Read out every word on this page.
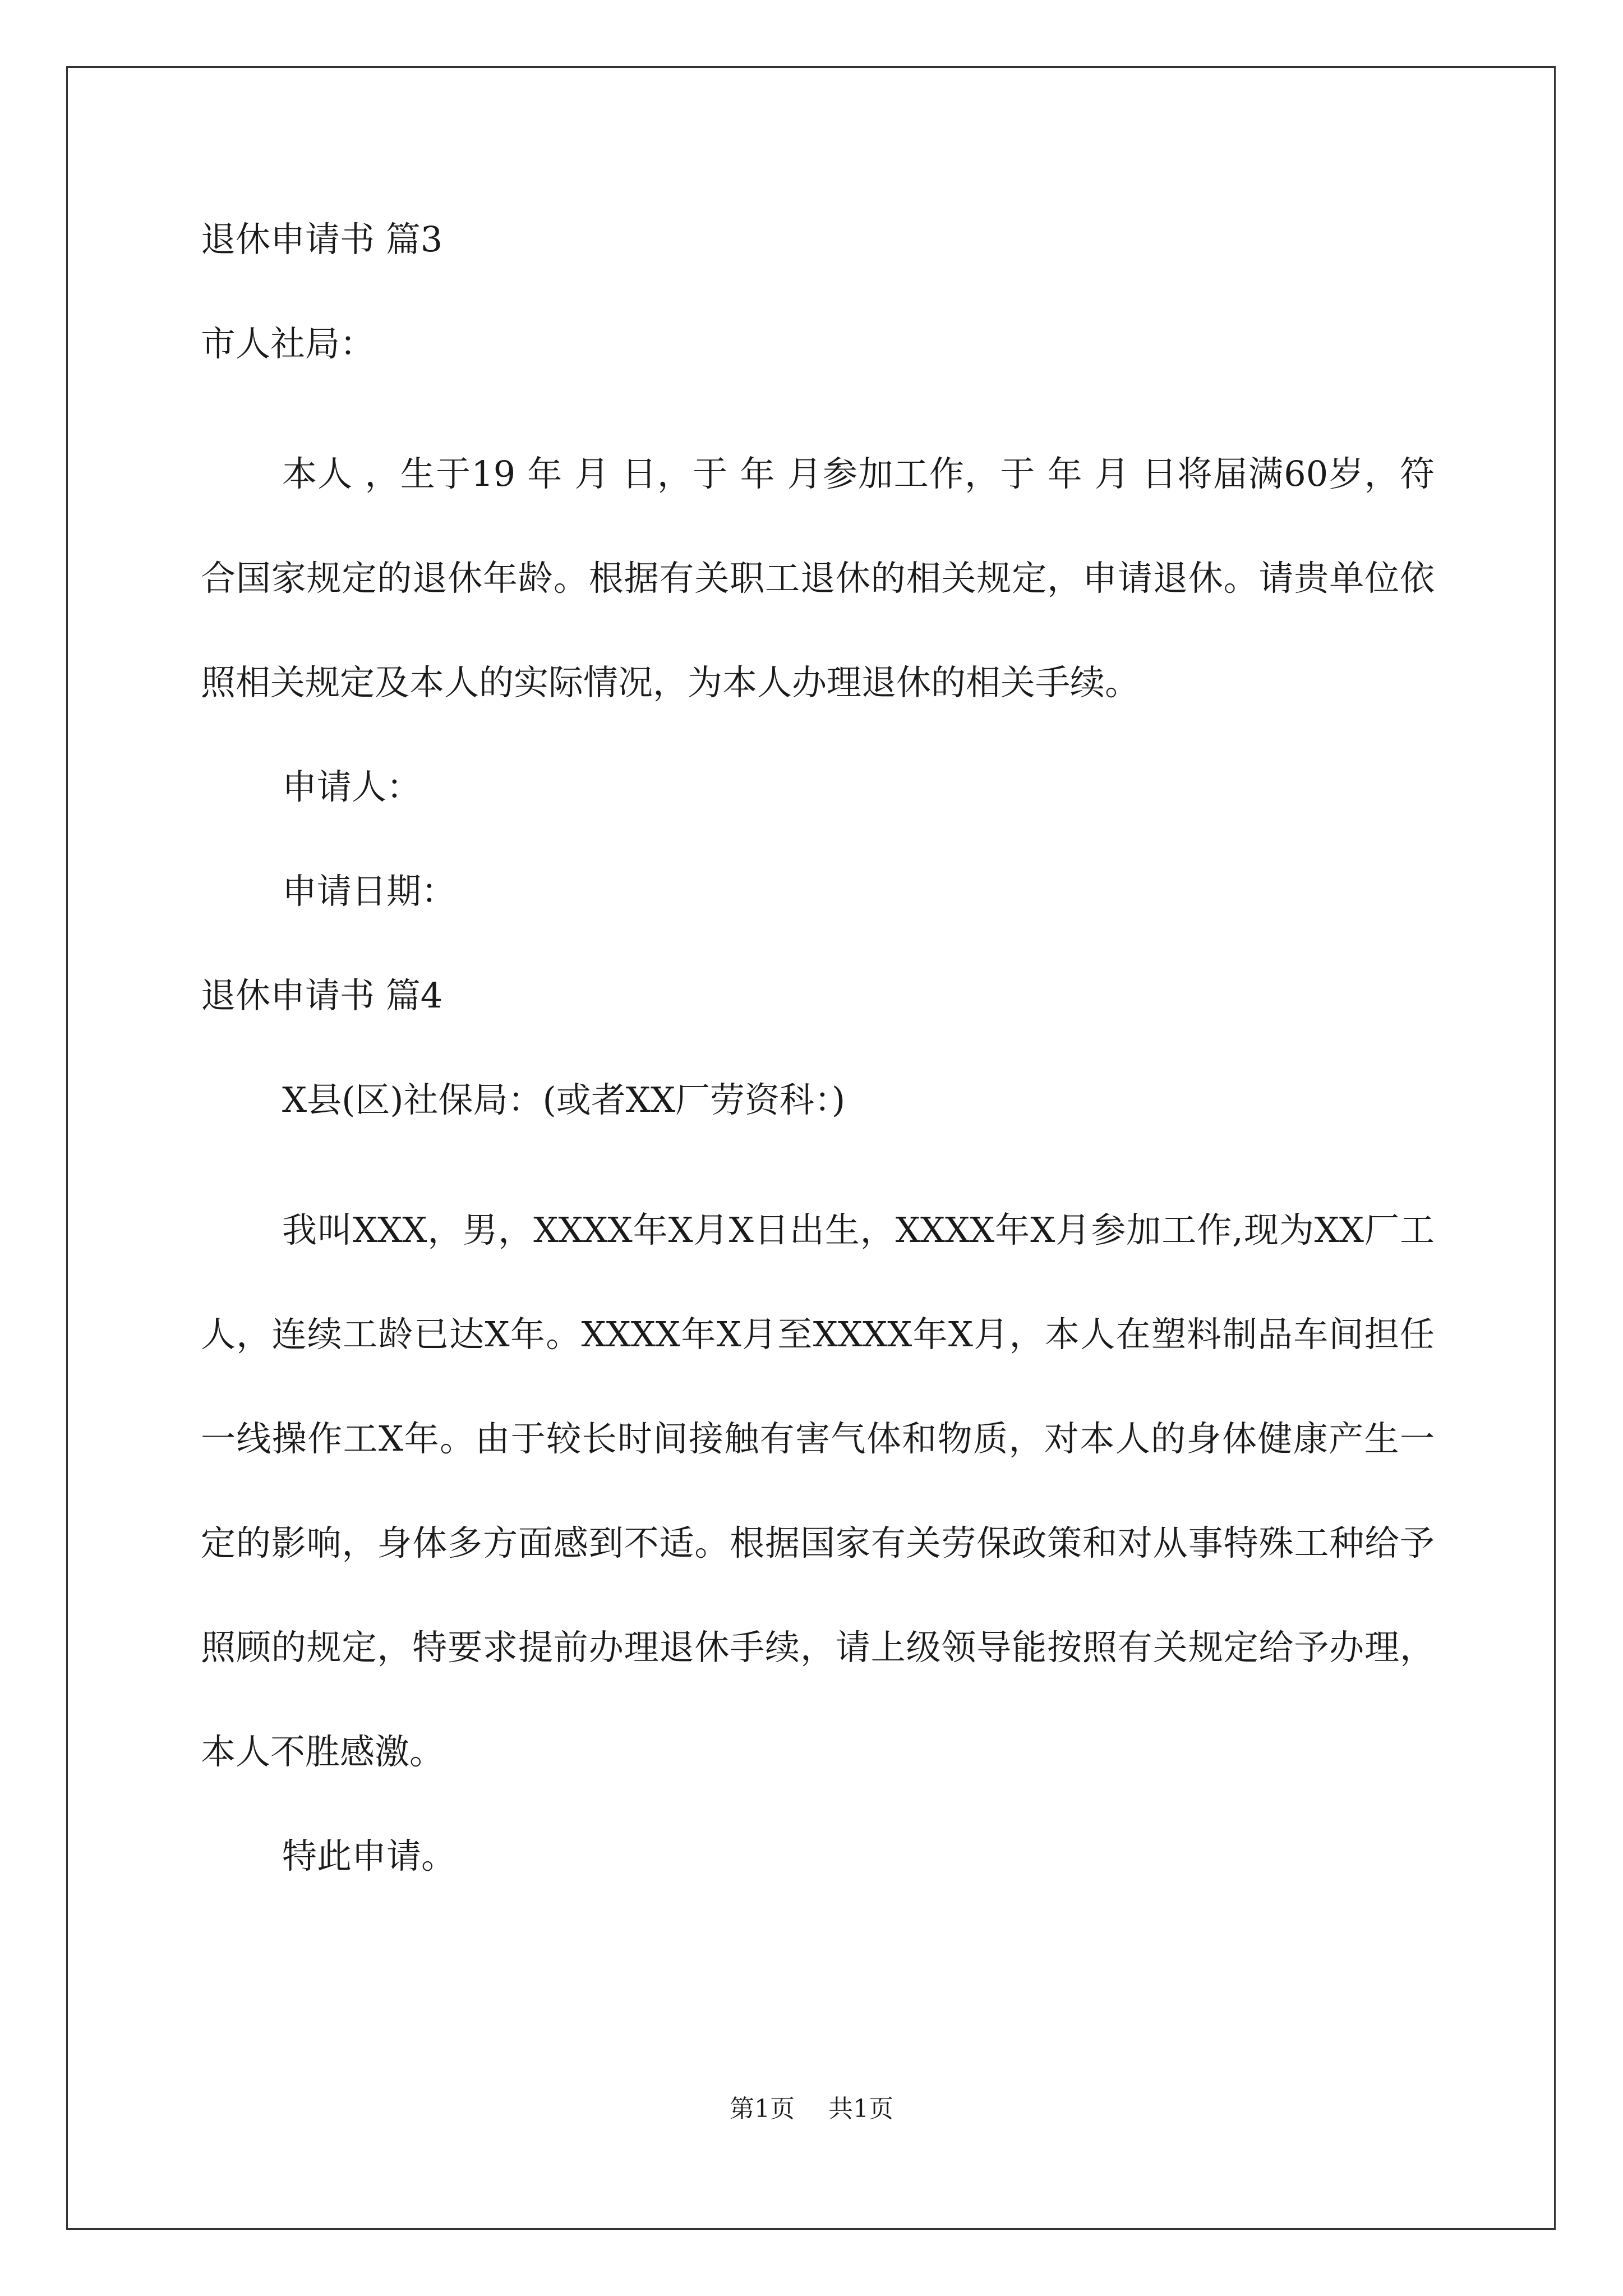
退休申请书 篇3

市人社局：

本人 ，生于19 年 月 日，于 年 月参加工作，于 年 月 日将届满60岁，符合国家规定的退休年龄。根据有关职工退休的相关规定，申请退休。请贵单位依照相关规定及本人的实际情况，为本人办理退休的相关手续。

申请人：

申请日期：

退休申请书 篇4

X县(区)社保局：(或者XX厂劳资科：)

我叫XXX，男，XXXX年X月X日出生，XXXX年X月参加工作,现为XX厂工人，连续工龄已达X年。XXXX年X月至XXXX年X月，本人在塑料制品车间担任一线操作工X年。由于较长时间接触有害气体和物质，对本人的身体健康产生一定的影响，身体多方面感到不适。根据国家有关劳保政策和对从事特殊工种给予照顾的规定，特要求提前办理退休手续，请上级领导能按照有关规定给予办理，本人不胜感激。

特此申请。

第1页 共1页
